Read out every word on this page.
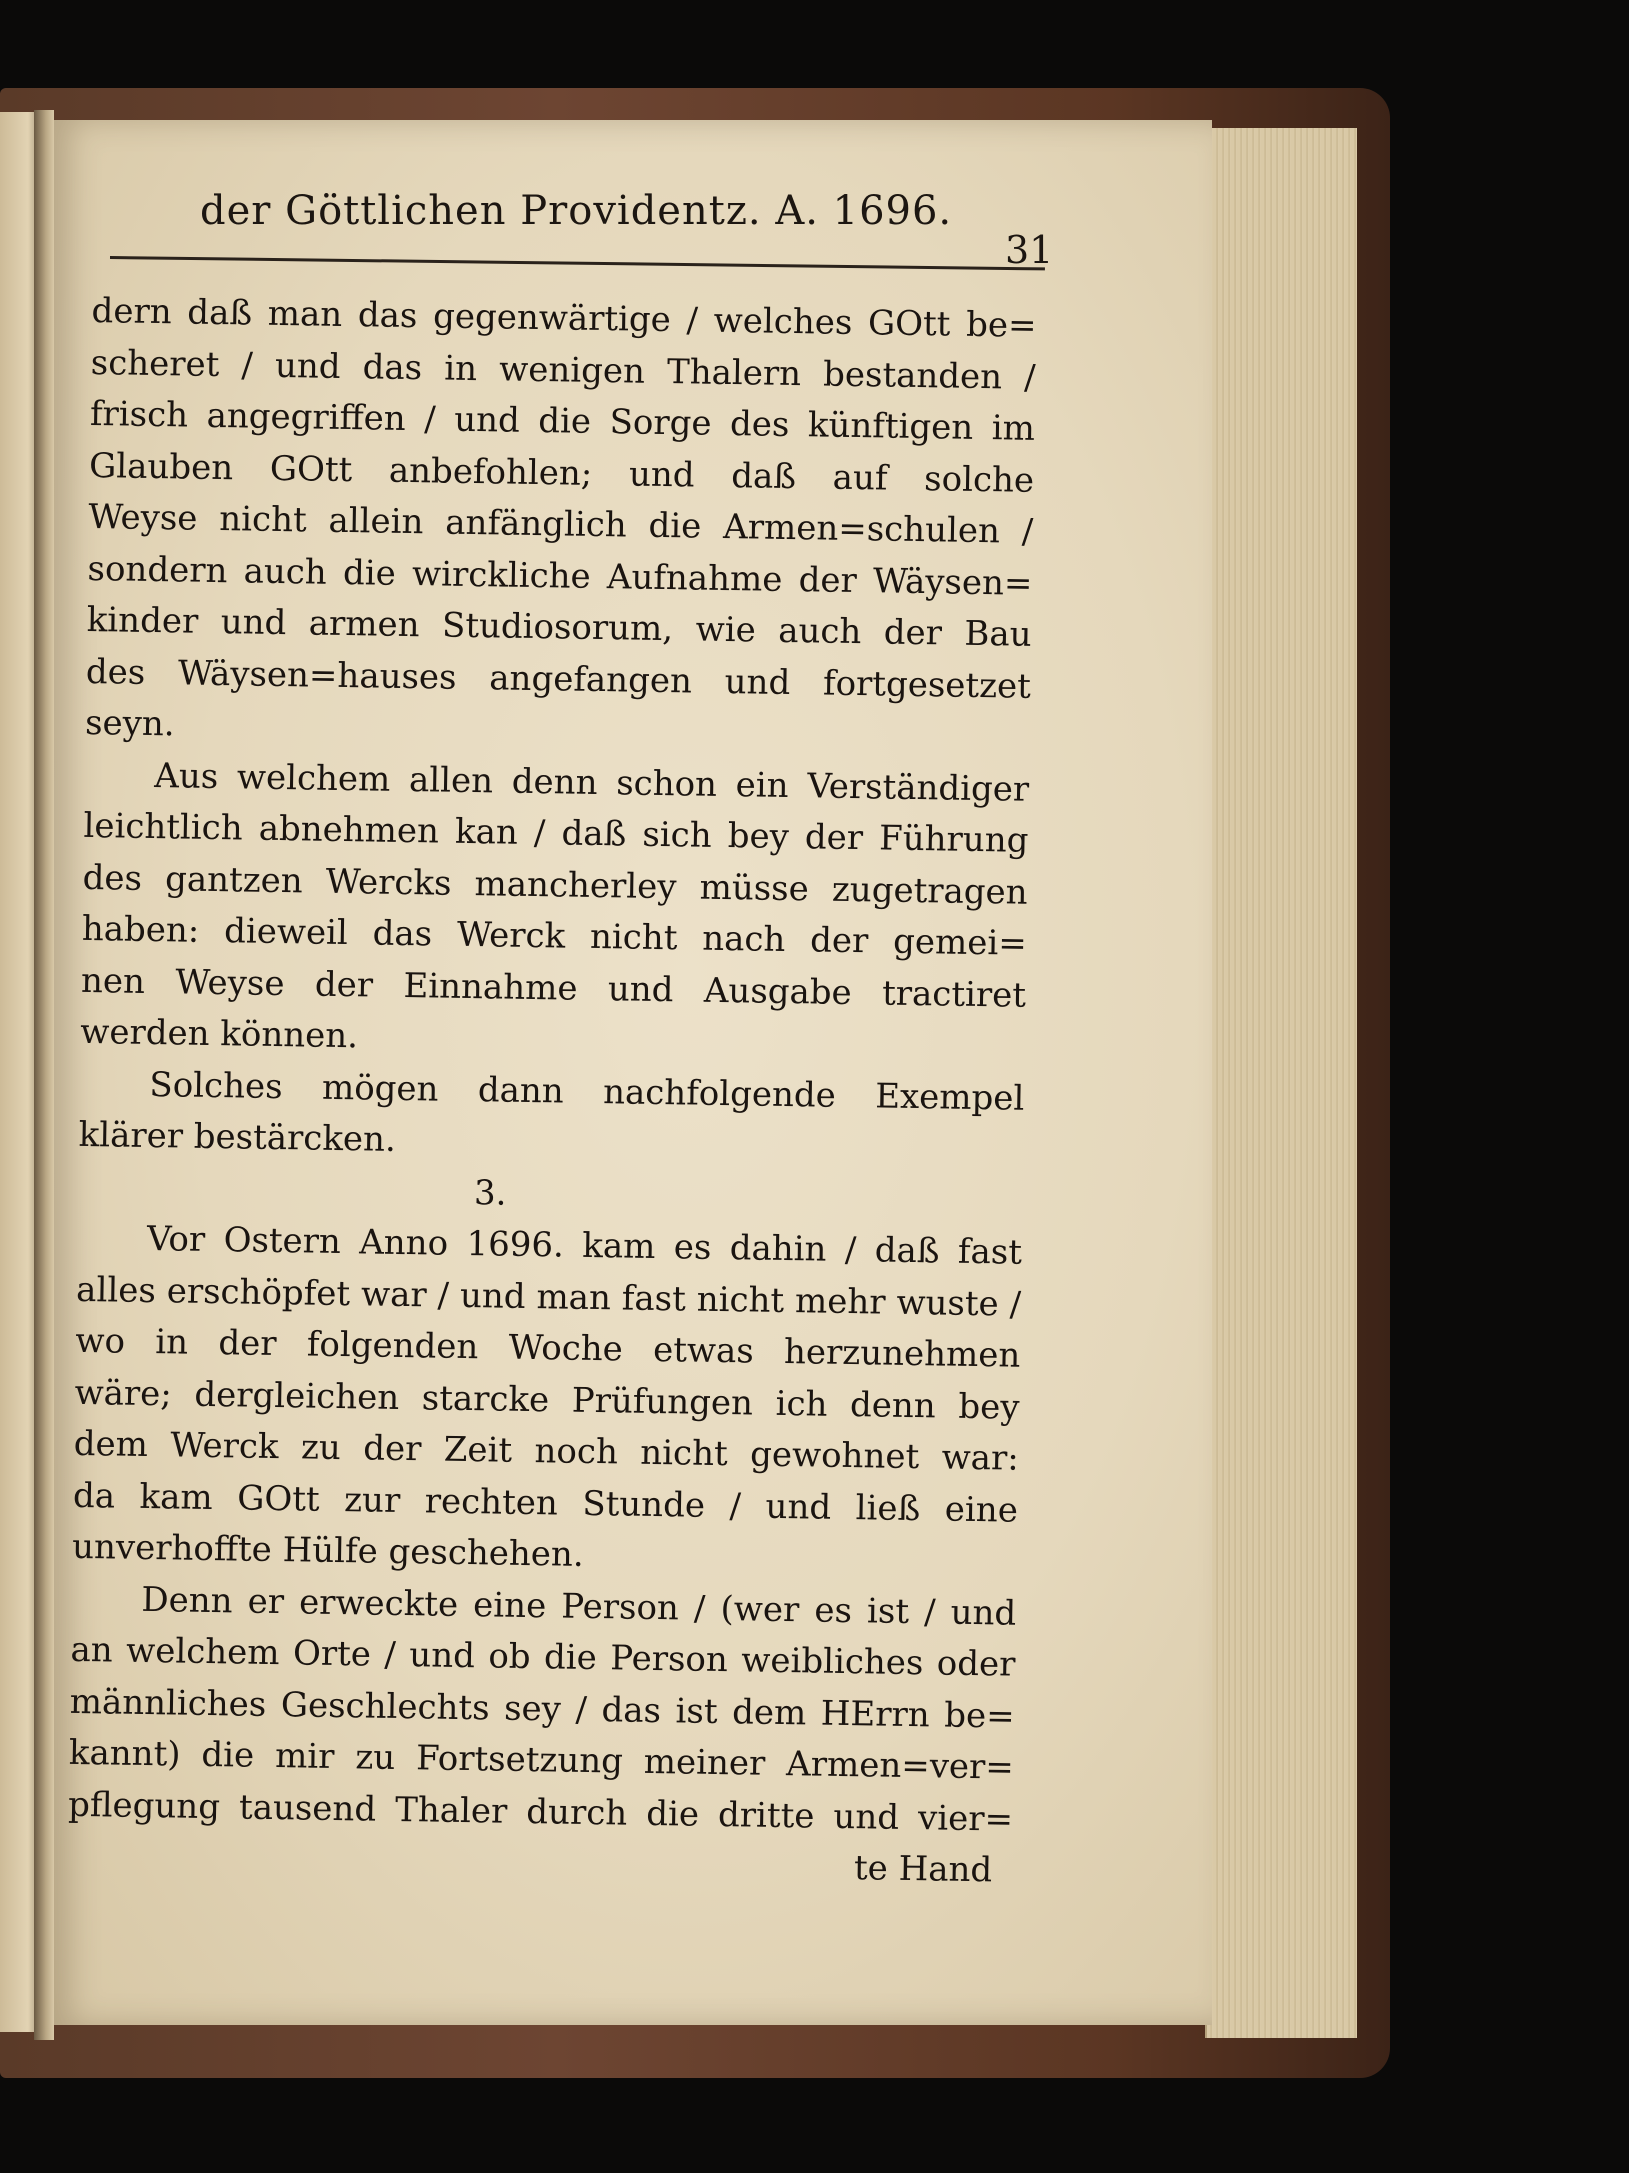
der Göttlichen Providentz. A. 1696.
31
dern daß man das gegenwärtige / welches GOtt be=
scheret / und das in wenigen Thalern bestanden /
frisch angegriffen / und die Sorge des künftigen im
Glauben GOtt anbefohlen; und daß auf solche
Weyse nicht allein anfänglich die Armen=schulen /
sondern auch die wirckliche Aufnahme der Wäysen=
kinder und armen Studiosorum, wie auch der Bau
des Wäysen=hauses angefangen und fortgesetzet
seyn.
Aus welchem allen denn schon ein Verständiger
leichtlich abnehmen kan / daß sich bey der Führung
des gantzen Wercks mancherley müsse zugetragen
haben: dieweil das Werck nicht nach der gemei=
nen Weyse der Einnahme und Ausgabe tractiret
werden können.
Solches mögen dann nachfolgende Exempel
klärer bestärcken.
3.
Vor Ostern Anno 1696. kam es dahin / daß fast
alles erschöpfet war / und man fast nicht mehr wuste /
wo in der folgenden Woche etwas herzunehmen
wäre; dergleichen starcke Prüfungen ich denn bey
dem Werck zu der Zeit noch nicht gewohnet war:
da kam GOtt zur rechten Stunde / und ließ eine
unverhoffte Hülfe geschehen.
Denn er erweckte eine Person / (wer es ist / und
an welchem Orte / und ob die Person weibliches oder
männliches Geschlechts sey / das ist dem HErrn be=
kannt) die mir zu Fortsetzung meiner Armen=ver=
pflegung tausend Thaler durch die dritte und vier=
te Hand
